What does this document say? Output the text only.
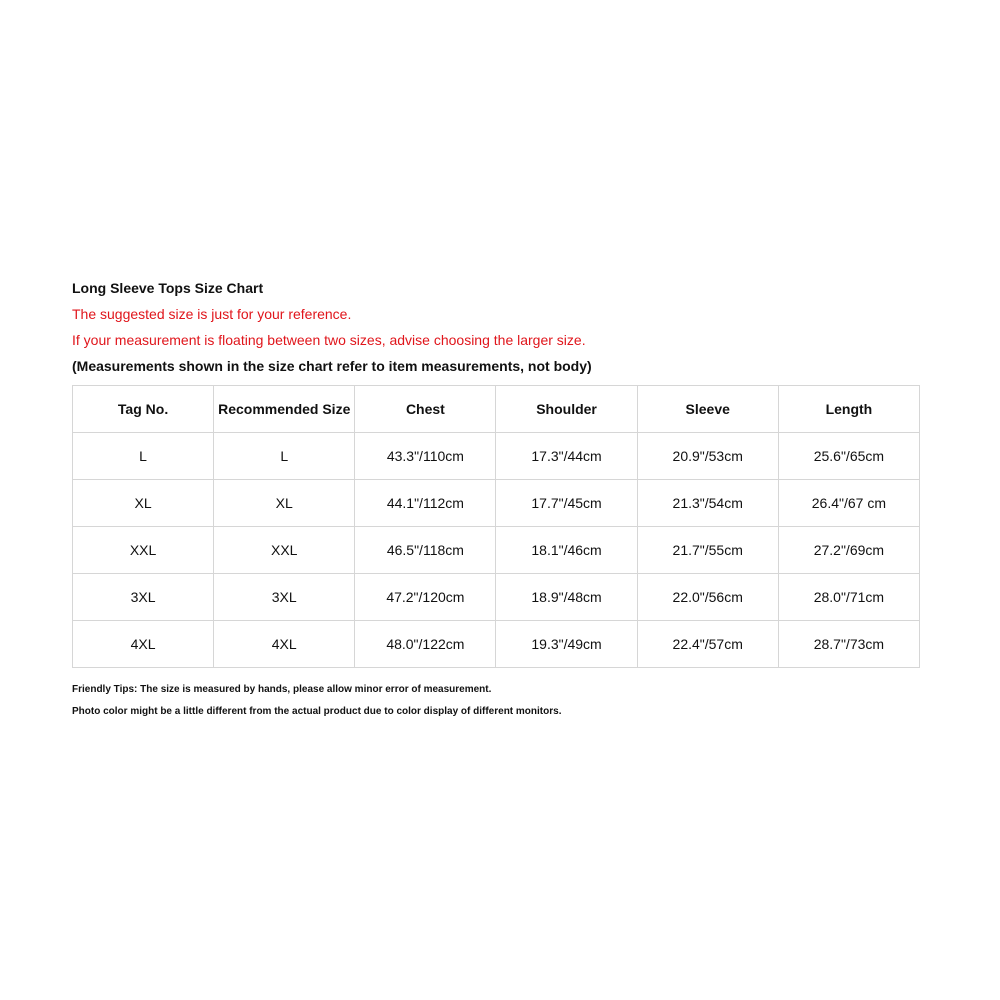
Long Sleeve Tops Size Chart
The suggested size is just for your reference.
If your measurement is floating between two sizes, advise choosing the larger size.
(Measurements shown in the size chart refer to item measurements, not body)
Tag No.	Recommended Size	Chest	Shoulder	Sleeve	Length
L	L	43.3"/110cm	17.3"/44cm	20.9"/53cm	25.6"/65cm
XL	XL	44.1"/112cm	17.7"/45cm	21.3"/54cm	26.4"/67 cm
XXL	XXL	46.5"/118cm	18.1"/46cm	21.7"/55cm	27.2"/69cm
3XL	3XL	47.2"/120cm	18.9"/48cm	22.0"/56cm	28.0"/71cm
4XL	4XL	48.0"/122cm	19.3"/49cm	22.4"/57cm	28.7"/73cm
Friendly Tips: The size is measured by hands, please allow minor error of measurement.
Photo color might be a little different from the actual product due to color display of different monitors.
